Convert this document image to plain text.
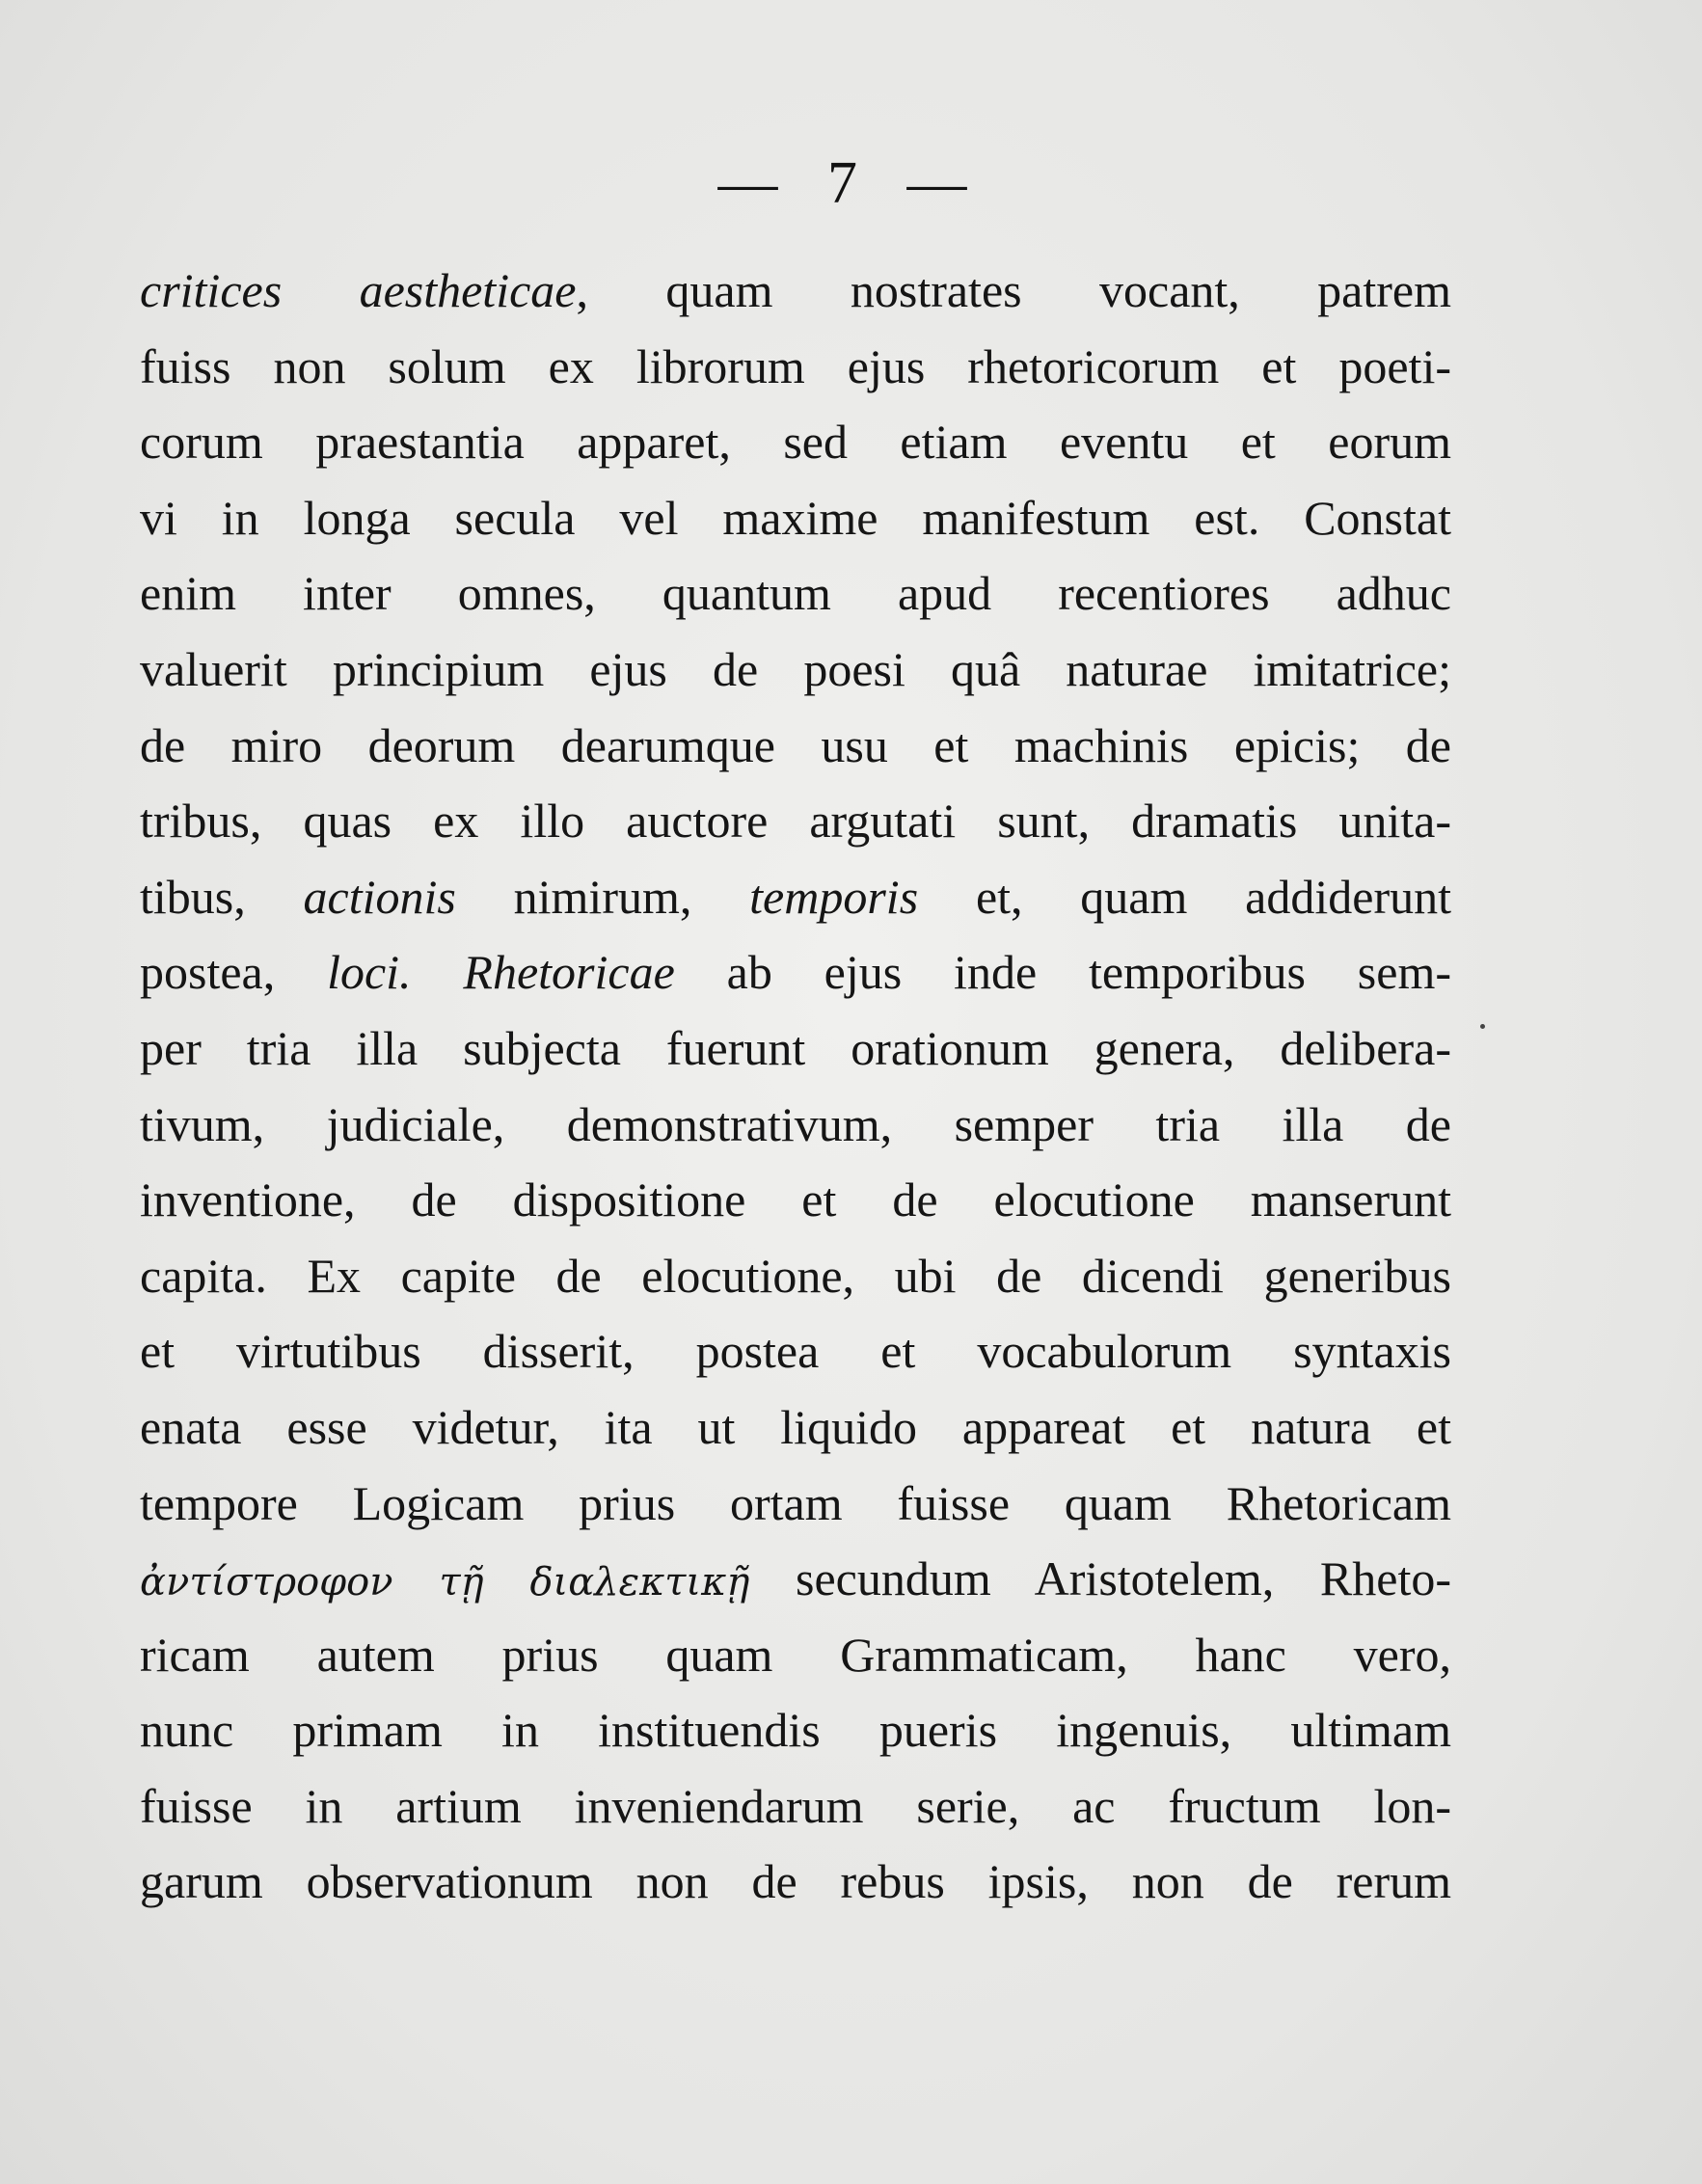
— 7 —
critices aestheticae, quam nostrates vocant, patrem
fuiss non solum ex librorum ejus rhetoricorum et poeti-
corum praestantia apparet, sed etiam eventu et eorum
vi in longa secula vel maxime manifestum est. Constat
enim inter omnes, quantum apud recentiores adhuc
valuerit principium ejus de poesi quâ naturae imitatrice;
de miro deorum dearumque usu et machinis epicis; de
tribus, quas ex illo auctore argutati sunt, dramatis unita-
tibus, actionis nimirum, temporis et, quam addiderunt
postea, loci. Rhetoricae ab ejus inde temporibus sem-
per tria illa subjecta fuerunt orationum genera, delibera-
tivum, judiciale, demonstrativum, semper tria illa de
inventione, de dispositione et de elocutione manserunt
capita. Ex capite de elocutione, ubi de dicendi generibus
et virtutibus disserit, postea et vocabulorum syntaxis
enata esse videtur, ita ut liquido appareat et natura et
tempore Logicam prius ortam fuisse quam Rhetoricam
ἀντίστροφον τῇ διαλεκτικῇ secundum Aristotelem, Rheto-
ricam autem prius quam Grammaticam, hanc vero,
nunc primam in instituendis pueris ingenuis, ultimam
fuisse in artium inveniendarum serie, ac fructum lon-
garum observationum non de rebus ipsis, non de rerum
